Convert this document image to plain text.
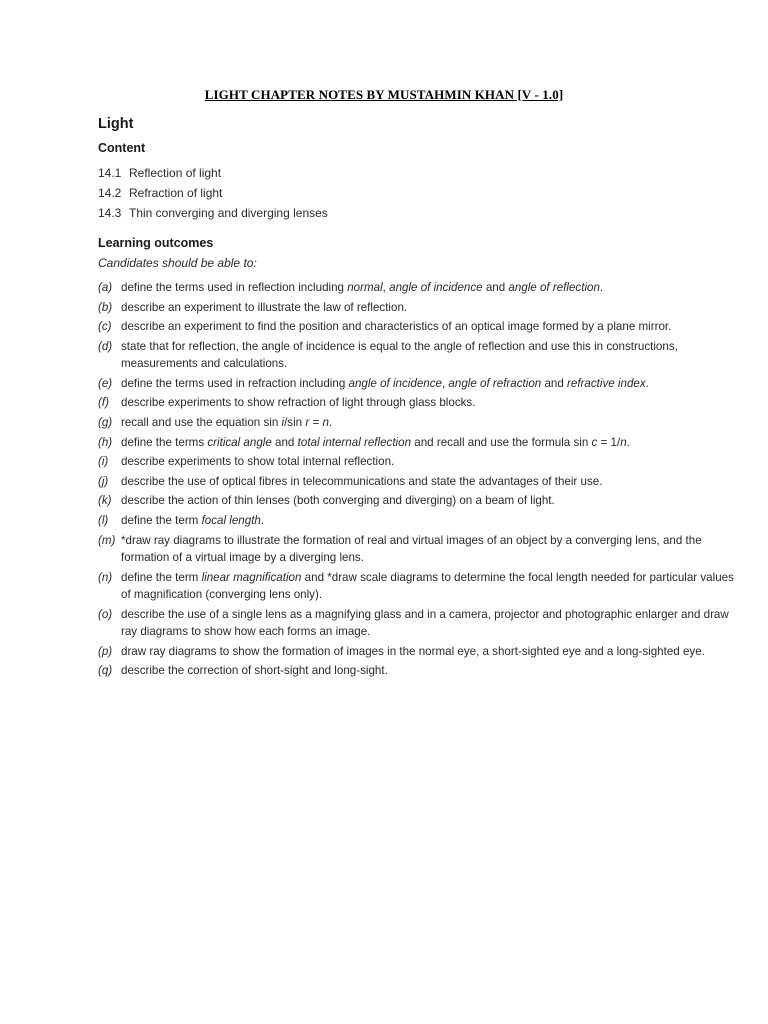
LIGHT CHAPTER NOTES BY MUSTAHMIN KHAN [V - 1.0]
Light
Content
14.1 Reflection of light
14.2 Refraction of light
14.3 Thin converging and diverging lenses
Learning outcomes
Candidates should be able to:
(a) define the terms used in reflection including normal, angle of incidence and angle of reflection.
(b) describe an experiment to illustrate the law of reflection.
(c) describe an experiment to find the position and characteristics of an optical image formed by a plane mirror.
(d) state that for reflection, the angle of incidence is equal to the angle of reflection and use this in constructions, measurements and calculations.
(e) define the terms used in refraction including angle of incidence, angle of refraction and refractive index.
(f) describe experiments to show refraction of light through glass blocks.
(g) recall and use the equation sin i/sin r = n.
(h) define the terms critical angle and total internal reflection and recall and use the formula sin c = 1/n.
(i) describe experiments to show total internal reflection.
(j) describe the use of optical fibres in telecommunications and state the advantages of their use.
(k) describe the action of thin lenses (both converging and diverging) on a beam of light.
(l) define the term focal length.
(m) *draw ray diagrams to illustrate the formation of real and virtual images of an object by a converging lens, and the formation of a virtual image by a diverging lens.
(n) define the term linear magnification and *draw scale diagrams to determine the focal length needed for particular values of magnification (converging lens only).
(o) describe the use of a single lens as a magnifying glass and in a camera, projector and photographic enlarger and draw ray diagrams to show how each forms an image.
(p) draw ray diagrams to show the formation of images in the normal eye, a short-sighted eye and a long-sighted eye.
(q) describe the correction of short-sight and long-sight.
